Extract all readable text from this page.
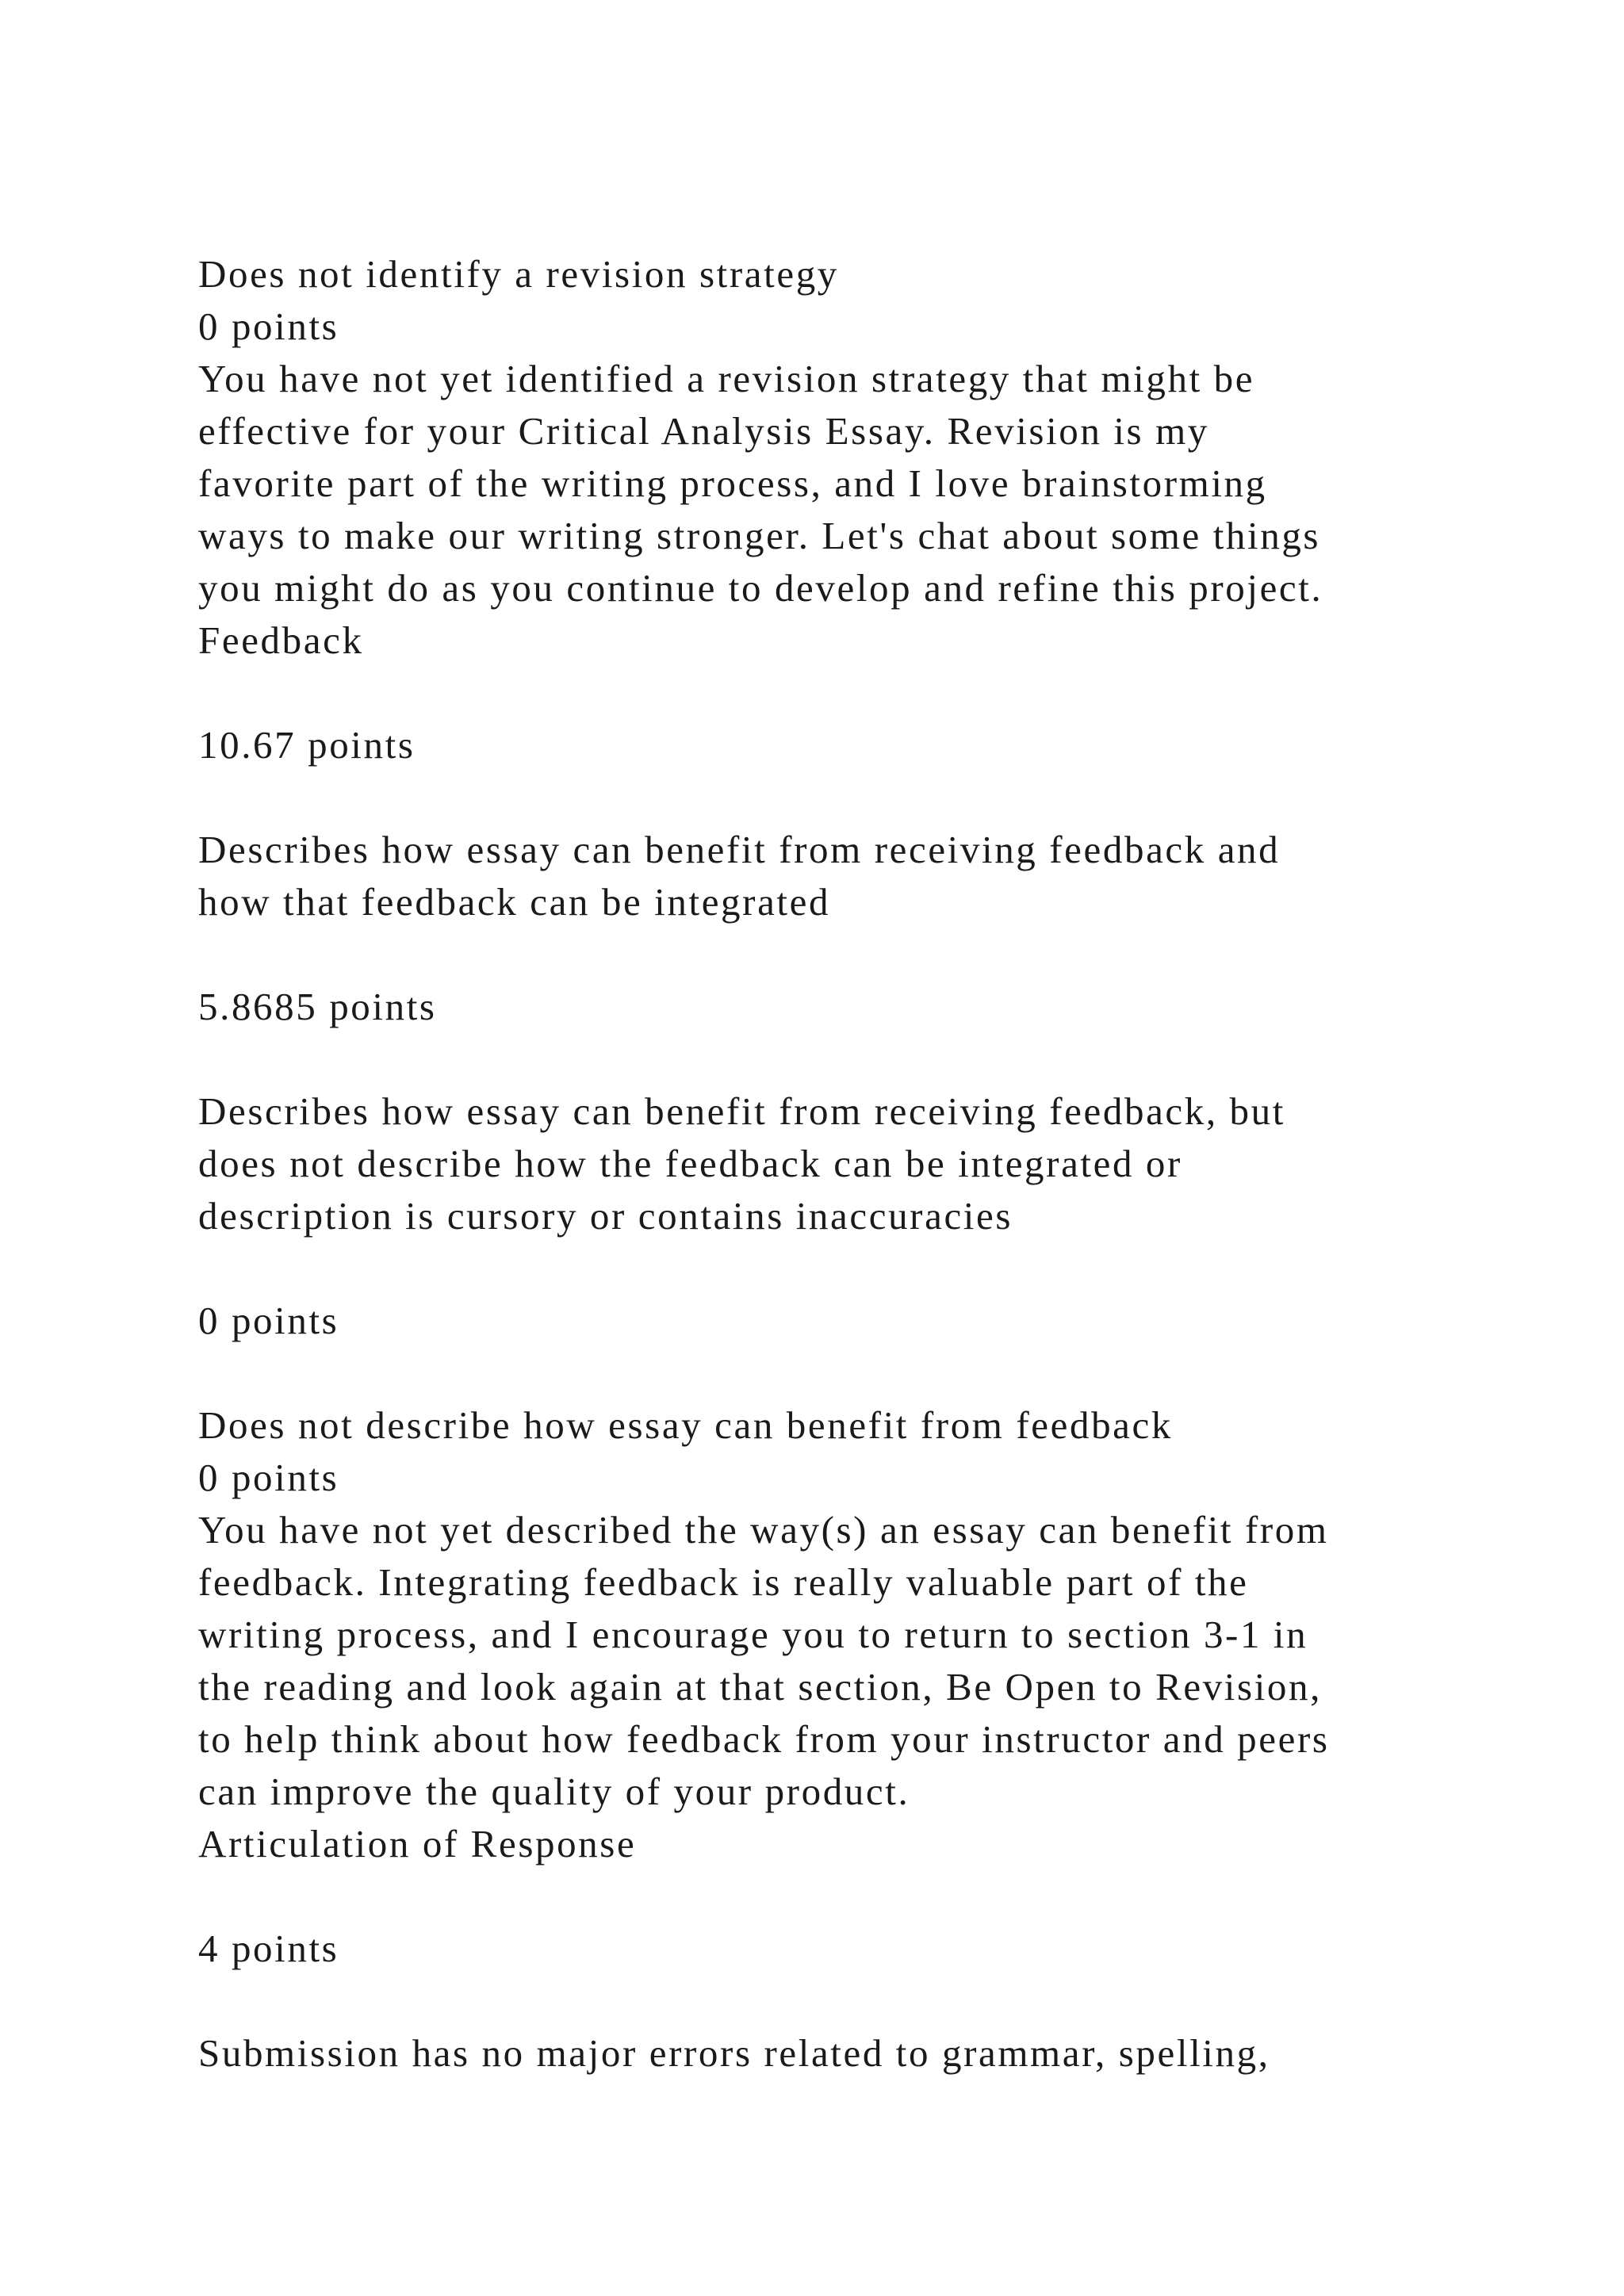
Does not identify a revision strategy
0 points
You have not yet identified a revision strategy that might be
effective for your Critical Analysis Essay. Revision is my
favorite part of the writing process, and I love brainstorming
ways to make our writing stronger. Let's chat about some things
you might do as you continue to develop and refine this project.
Feedback
10.67 points
Describes how essay can benefit from receiving feedback and
how that feedback can be integrated
5.8685 points
Describes how essay can benefit from receiving feedback, but
does not describe how the feedback can be integrated or
description is cursory or contains inaccuracies
0 points
Does not describe how essay can benefit from feedback
0 points
You have not yet described the way(s) an essay can benefit from
feedback. Integrating feedback is really valuable part of the
writing process, and I encourage you to return to section 3-1 in
the reading and look again at that section, Be Open to Revision,
to help think about how feedback from your instructor and peers
can improve the quality of your product.
Articulation of Response
4 points
Submission has no major errors related to grammar, spelling,
